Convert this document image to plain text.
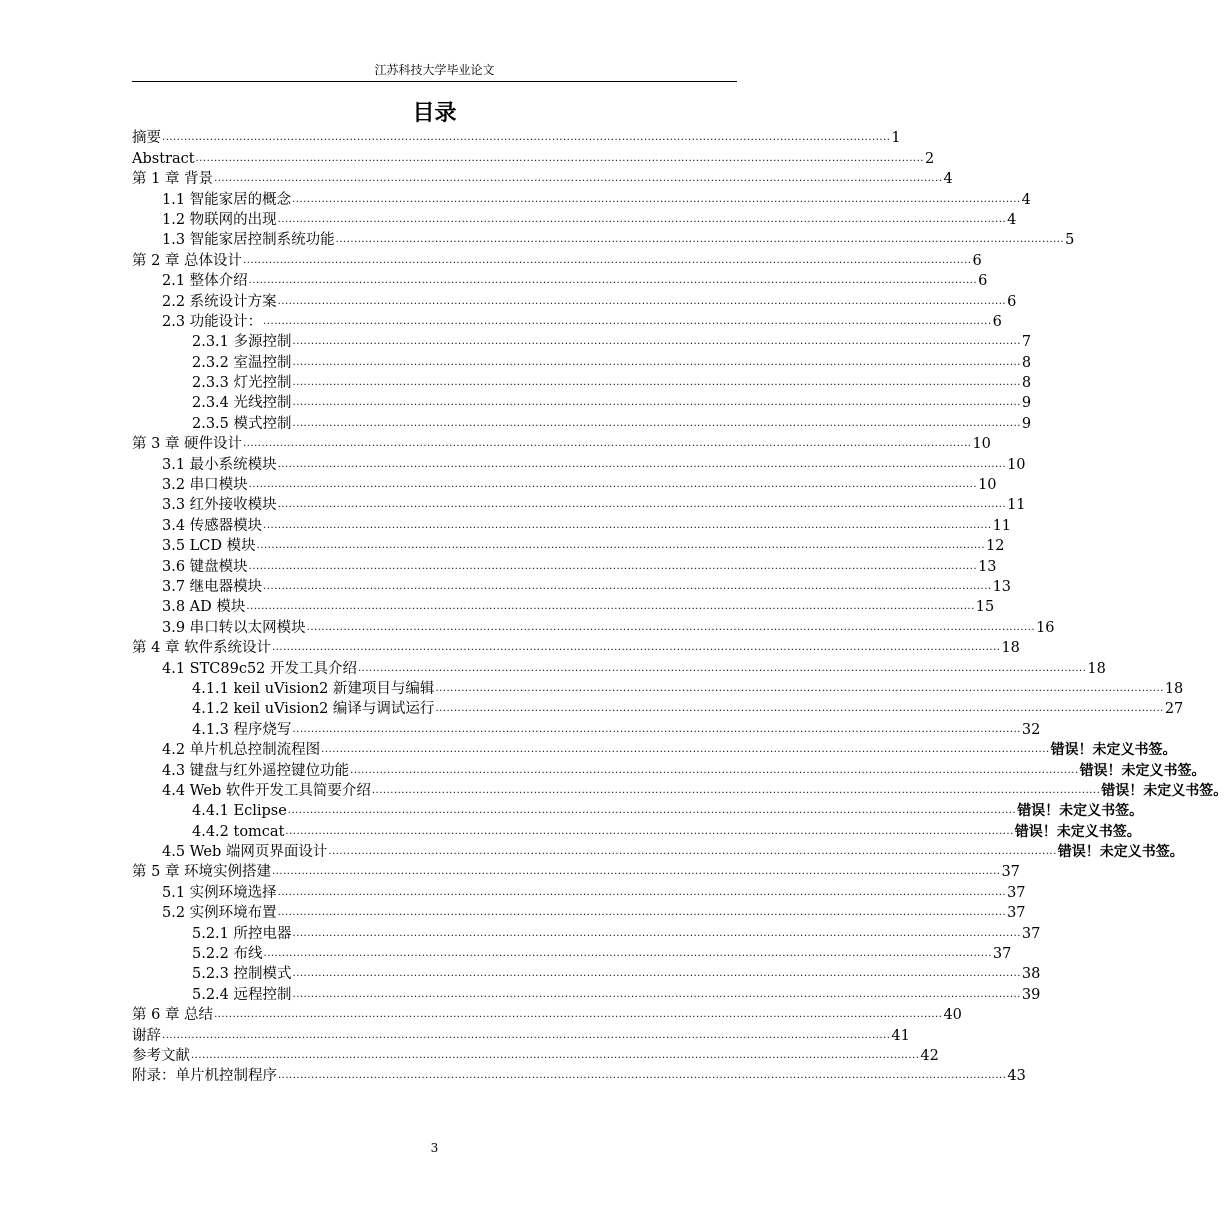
江苏科技大学毕业论文
目录
摘要 ...................................................................................................................................................................................................... 1
Abstract ...................................................................................................................................................................................................... 2
第 1 章 背景 ...................................................................................................................................................................................................... 4
1.1 智能家居的概念 ...................................................................................................................................................................................................... 4
1.2 物联网的出现 ...................................................................................................................................................................................................... 4
1.3 智能家居控制系统功能 ...................................................................................................................................................................................................... 5
第 2 章 总体设计 ...................................................................................................................................................................................................... 6
2.1 整体介绍 ...................................................................................................................................................................................................... 6
2.2 系统设计方案 ...................................................................................................................................................................................................... 6
2.3 功能设计： ...................................................................................................................................................................................................... 6
2.3.1 多源控制 ...................................................................................................................................................................................................... 7
2.3.2 室温控制 ...................................................................................................................................................................................................... 8
2.3.3 灯光控制 ...................................................................................................................................................................................................... 8
2.3.4 光线控制 ...................................................................................................................................................................................................... 9
2.3.5 模式控制 ...................................................................................................................................................................................................... 9
第 3 章 硬件设计 ...................................................................................................................................................................................................... 10
3.1 最小系统模块 ...................................................................................................................................................................................................... 10
3.2 串口模块 ...................................................................................................................................................................................................... 10
3.3 红外接收模块 ...................................................................................................................................................................................................... 11
3.4 传感器模块 ...................................................................................................................................................................................................... 11
3.5 LCD 模块 ...................................................................................................................................................................................................... 12
3.6 键盘模块 ...................................................................................................................................................................................................... 13
3.7 继电器模块 ...................................................................................................................................................................................................... 13
3.8 AD 模块 ...................................................................................................................................................................................................... 15
3.9 串口转以太网模块 ...................................................................................................................................................................................................... 16
第 4 章 软件系统设计 ...................................................................................................................................................................................................... 18
4.1 STC89c52 开发工具介绍 ...................................................................................................................................................................................................... 18
4.1.1 keil uVision2 新建项目与编辑 ...................................................................................................................................................................................................... 18
4.1.2 keil uVision2 编译与调试运行 ...................................................................................................................................................................................................... 27
4.1.3 程序烧写 ...................................................................................................................................................................................................... 32
4.2 单片机总控制流程图 ...................................................................................................................................................................................................... 错误！未定义书签。
4.3 键盘与红外遥控键位功能 ...................................................................................................................................................................................................... 错误！未定义书签。
4.4 Web 软件开发工具简要介绍 ...................................................................................................................................................................................................... 错误！未定义书签。
4.4.1 Eclipse ...................................................................................................................................................................................................... 错误！未定义书签。
4.4.2 tomcat ...................................................................................................................................................................................................... 错误！未定义书签。
4.5 Web 端网页界面设计 ...................................................................................................................................................................................................... 错误！未定义书签。
第 5 章 环境实例搭建 ...................................................................................................................................................................................................... 37
5.1 实例环境选择 ...................................................................................................................................................................................................... 37
5.2 实例环境布置 ...................................................................................................................................................................................................... 37
5.2.1 所控电器 ...................................................................................................................................................................................................... 37
5.2.2 布线 ...................................................................................................................................................................................................... 37
5.2.3 控制模式 ...................................................................................................................................................................................................... 38
5.2.4 远程控制 ...................................................................................................................................................................................................... 39
第 6 章 总结 ...................................................................................................................................................................................................... 40
谢辞 ...................................................................................................................................................................................................... 41
参考文献 ...................................................................................................................................................................................................... 42
附录：单片机控制程序 ...................................................................................................................................................................................................... 43
3
